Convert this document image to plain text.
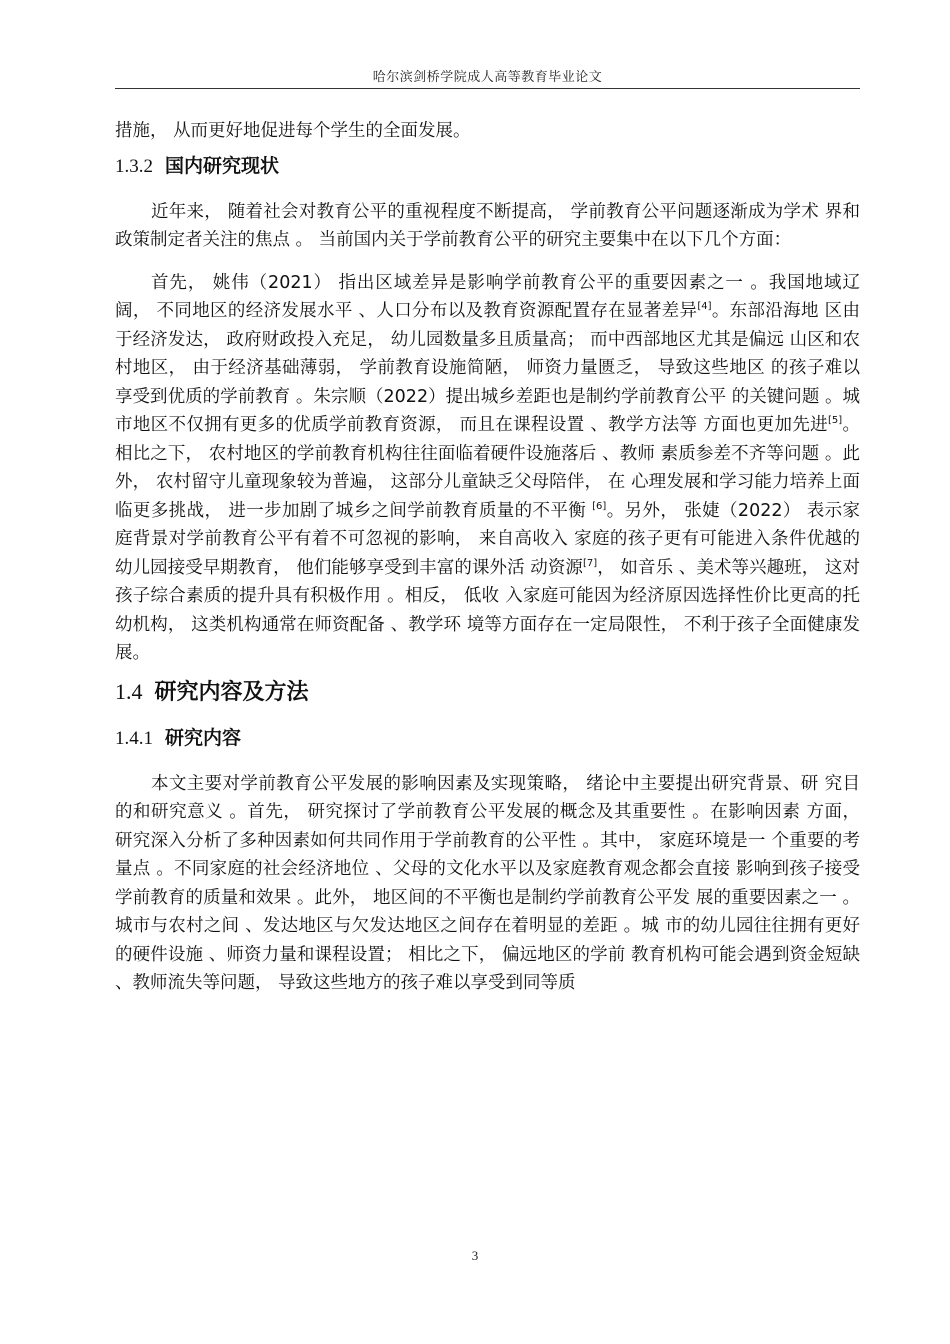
哈尔滨剑桥学院成人高等教育毕业论文

措施， 从而更好地促进每个学生的全面发展。

1.3.2 国内研究现状

近年来， 随着社会对教育公平的重视程度不断提高， 学前教育公平问题逐渐成为学术 界和政策制定者关注的焦点 。 当前国内关于学前教育公平的研究主要集中在以下几个方面：

首先， 姚伟（2021） 指出区域差异是影响学前教育公平的重要因素之一 。我国地域辽 阔， 不同地区的经济发展水平 、人口分布以及教育资源配置存在显著差异[4]。东部沿海地 区由于经济发达， 政府财政投入充足， 幼儿园数量多且质量高； 而中西部地区尤其是偏远 山区和农村地区， 由于经济基础薄弱， 学前教育设施简陋， 师资力量匮乏， 导致这些地区 的孩子难以享受到优质的学前教育 。朱宗顺（2022）提出城乡差距也是制约学前教育公平 的关键问题 。城市地区不仅拥有更多的优质学前教育资源， 而且在课程设置 、教学方法等 方面也更加先进[5]。相比之下， 农村地区的学前教育机构往往面临着硬件设施落后 、教师 素质参差不齐等问题 。此外， 农村留守儿童现象较为普遍， 这部分儿童缺乏父母陪伴， 在 心理发展和学习能力培养上面临更多挑战， 进一步加剧了城乡之间学前教育质量的不平衡 [6]。另外， 张婕（2022） 表示家庭背景对学前教育公平有着不可忽视的影响， 来自高收入 家庭的孩子更有可能进入条件优越的幼儿园接受早期教育， 他们能够享受到丰富的课外活 动资源[7]， 如音乐 、美术等兴趣班， 这对孩子综合素质的提升具有积极作用 。相反， 低收 入家庭可能因为经济原因选择性价比更高的托幼机构， 这类机构通常在师资配备 、教学环 境等方面存在一定局限性， 不利于孩子全面健康发展。

1.4 研究内容及方法
1.4.1 研究内容

本文主要对学前教育公平发展的影响因素及实现策略， 绪论中主要提出研究背景、研 究目的和研究意义 。首先， 研究探讨了学前教育公平发展的概念及其重要性 。在影响因素 方面， 研究深入分析了多种因素如何共同作用于学前教育的公平性 。其中， 家庭环境是一 个重要的考量点 。不同家庭的社会经济地位 、父母的文化水平以及家庭教育观念都会直接 影响到孩子接受学前教育的质量和效果 。此外， 地区间的不平衡也是制约学前教育公平发 展的重要因素之一 。城市与农村之间 、发达地区与欠发达地区之间存在着明显的差距 。城 市的幼儿园往往拥有更好的硬件设施 、师资力量和课程设置； 相比之下， 偏远地区的学前 教育机构可能会遇到资金短缺 、教师流失等问题， 导致这些地方的孩子难以享受到同等质

3
